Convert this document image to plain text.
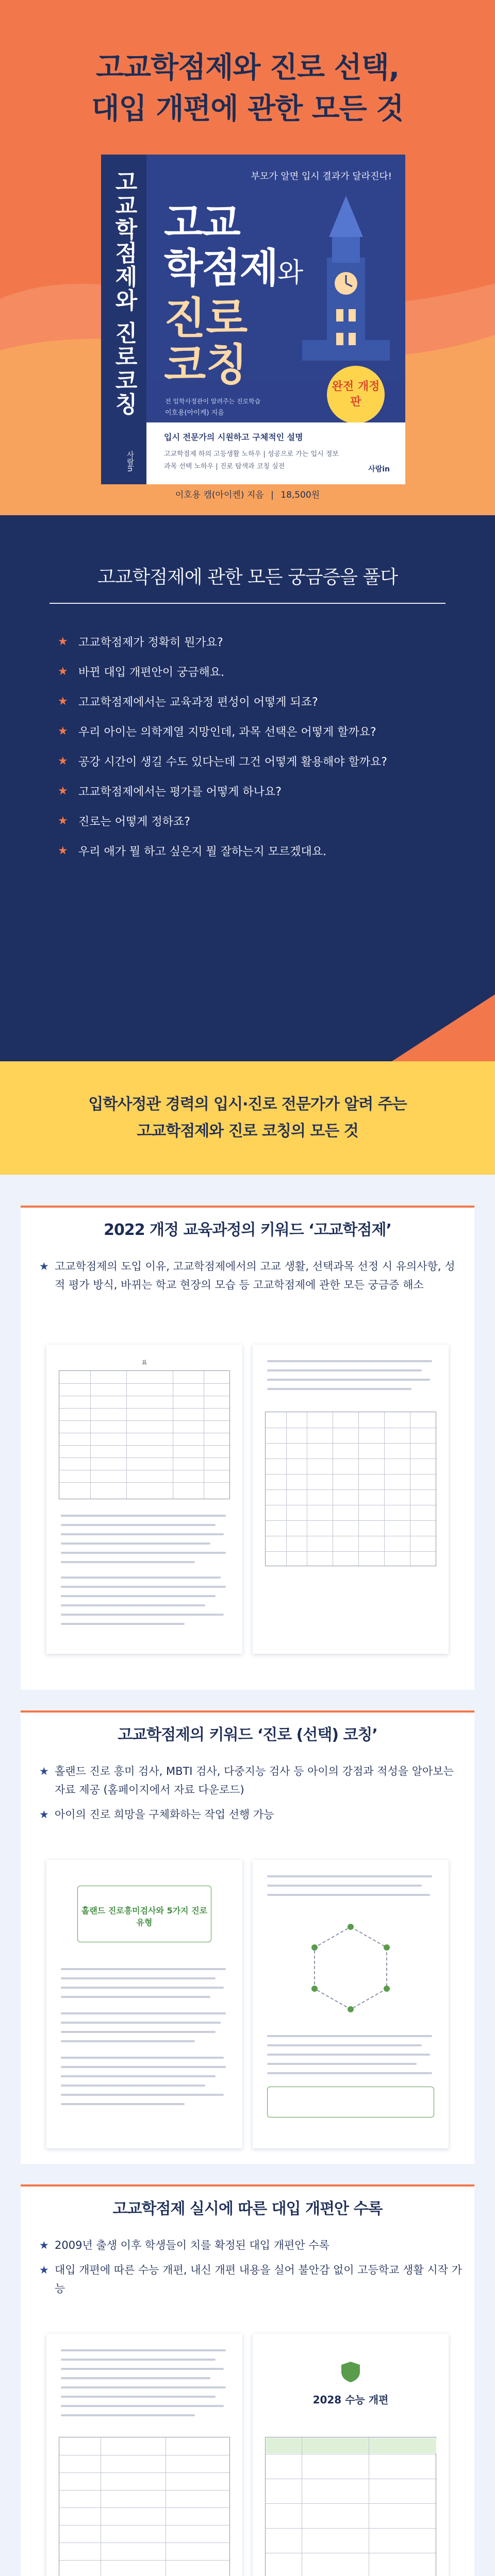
고교학점제와 진로 선택,
대입 개편에 관한 모든 것
고교학점제와 진로코칭
사람in
부모가 알면 입시 결과가 달라진다!
고교
학점제와
진로
코칭
전 입학사정관이 알려주는 진로학습
이호용(아이케) 지음
완전 개정판
입시 전문가의 시원하고 구체적인 설명
고교학점제 하의 고등생활 노하우 | 성공으로 가는 입시 정보
과목 선택 노하우 | 진로 탐색과 코칭 실전	사람in
이호용 캠(아이켄) 지음 | 18,500원
고교학점제에 관한 모든 궁금증을 풀다
★ 고교학점제가 정확히 뭔가요?
★ 바뀐 대입 개편안이 궁금해요.
★ 고교학점제에서는 교육과정 편성이 어떻게 되죠?
★ 우리 아이는 의학계열 지망인데, 과목 선택은 어떻게 할까요?
★ 공강 시간이 생길 수도 있다는데 그건 어떻게 활용해야 할까요?
★ 고교학점제에서는 평가를 어떻게 하나요?
★ 진로는 어떻게 정하죠?
★ 우리 애가 뭘 하고 싶은지 뭘 잘하는지 모르겠대요.
입학사정관 경력의 입시·진로 전문가가 알려 주는
고교학점제와 진로 코칭의 모든 것
2022 개정 교육과정의 키워드 ‘고교학점제’
★ 고교학점제의 도입 이유, 고교학점제에서의 고교 생활, 선택과목 선정 시 유의사항, 성적 평가 방식, 바뀌는 학교 현장의 모습 등 고교학점제에 관한 모든 궁금증 해소
표
고교학점제의 키워드 ‘진로 (선택) 코칭’
★ 홀랜드 진로 흥미 검사, MBTI 검사, 다중지능 검사 등 아이의 강점과 적성을 알아보는 자료 제공 (홈페이지에서 자료 다운로드)
★ 아이의 진로 희망을 구체화하는 작업 선행 가능
홀랜드 진로흥미검사와 5가지 진로 유형
고교학점제 실시에 따른 대입 개편안 수록
★ 2009년 출생 이후 학생들이 치를 확정된 대입 개편안 수록
★ 대입 개편에 따른 수능 개편, 내신 개편 내용을 실어 불안감 없이 고등학교 생활 시작 가능
2028 수능 개편
